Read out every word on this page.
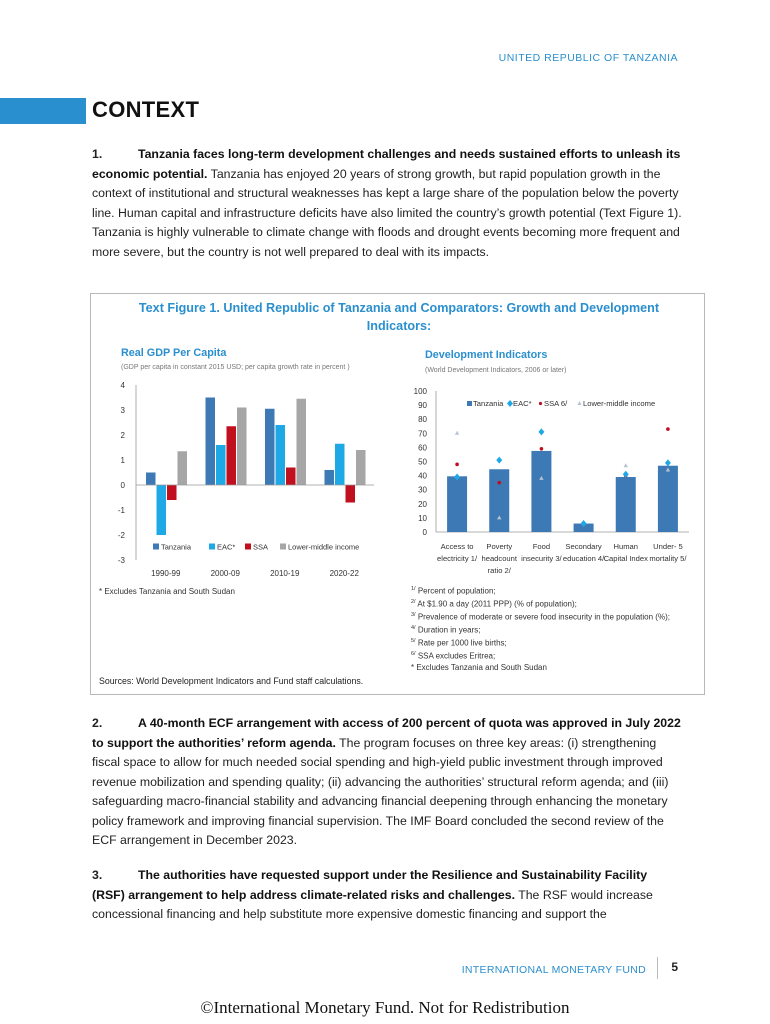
UNITED REPUBLIC OF TANZANIA
CONTEXT
1.	Tanzania faces long-term development challenges and needs sustained efforts to unleash its economic potential. Tanzania has enjoyed 20 years of strong growth, but rapid population growth in the context of institutional and structural weaknesses has kept a large share of the population below the poverty line. Human capital and infrastructure deficits have also limited the country’s growth potential (Text Figure 1). Tanzania is highly vulnerable to climate change with floods and drought events becoming more frequent and more severe, but the country is not well prepared to deal with its impacts.
Text Figure 1. United Republic of Tanzania and Comparators: Growth and Development Indicators:
Real GDP Per Capita
(GDP per capita in constant 2015 USD; per capita growth rate in percent )
4
3
2
1
0
-1
-2
-3
1990-99	2000-09	2010-19	2020-22
Tanzania	EAC* SSA	Lower-middle income
Development Indicators
(World Development Indicators, 2006 or later)
100
90
80
70
60
50
40
30
20
10
0
Access to
electricity 1/
Poverty
headcount
ratio 2/
Food
insecurity 3/
Secondary
education 4/
Human
Capital Index
Under- 5
mortality 5/
Tanzania EAC* SSA 6/ Lower-middle income
* Excludes Tanzania and South Sudan	$^{1/}$ Percent of population;
$^{2/}$ At $1.90 a day (2011 PPP) (% of population);
$^{3/}$ Prevalence of moderate or severe food insecurity in the population (%);
$^{4/}$ Duration in years;
$^{5/}$ Rate per 1000 live births;
$^{6/}$ SSA excludes Eritrea;
* Excludes Tanzania and South Sudan
Sources: World Development Indicators and Fund staff calculations.
2.	A 40-month ECF arrangement with access of 200 percent of quota was approved in July 2022 to support the authorities’ reform agenda. The program focuses on three key areas: (i) strengthening fiscal space to allow for much needed social spending and high-yield public investment through improved revenue mobilization and spending quality; (ii) advancing the authorities’ structural reform agenda; and (iii) safeguarding macro-financial stability and advancing financial deepening through enhancing the monetary policy framework and improving financial supervision. The IMF Board concluded the second review of the ECF arrangement in December 2023.
3.	The authorities have requested support under the Resilience and Sustainability Facility (RSF) arrangement to help address climate-related risks and challenges. The RSF would increase concessional financing and help substitute more expensive domestic financing and support the
INTERNATIONAL MONETARY FUND	5
©International Monetary Fund. Not for Redistribution
